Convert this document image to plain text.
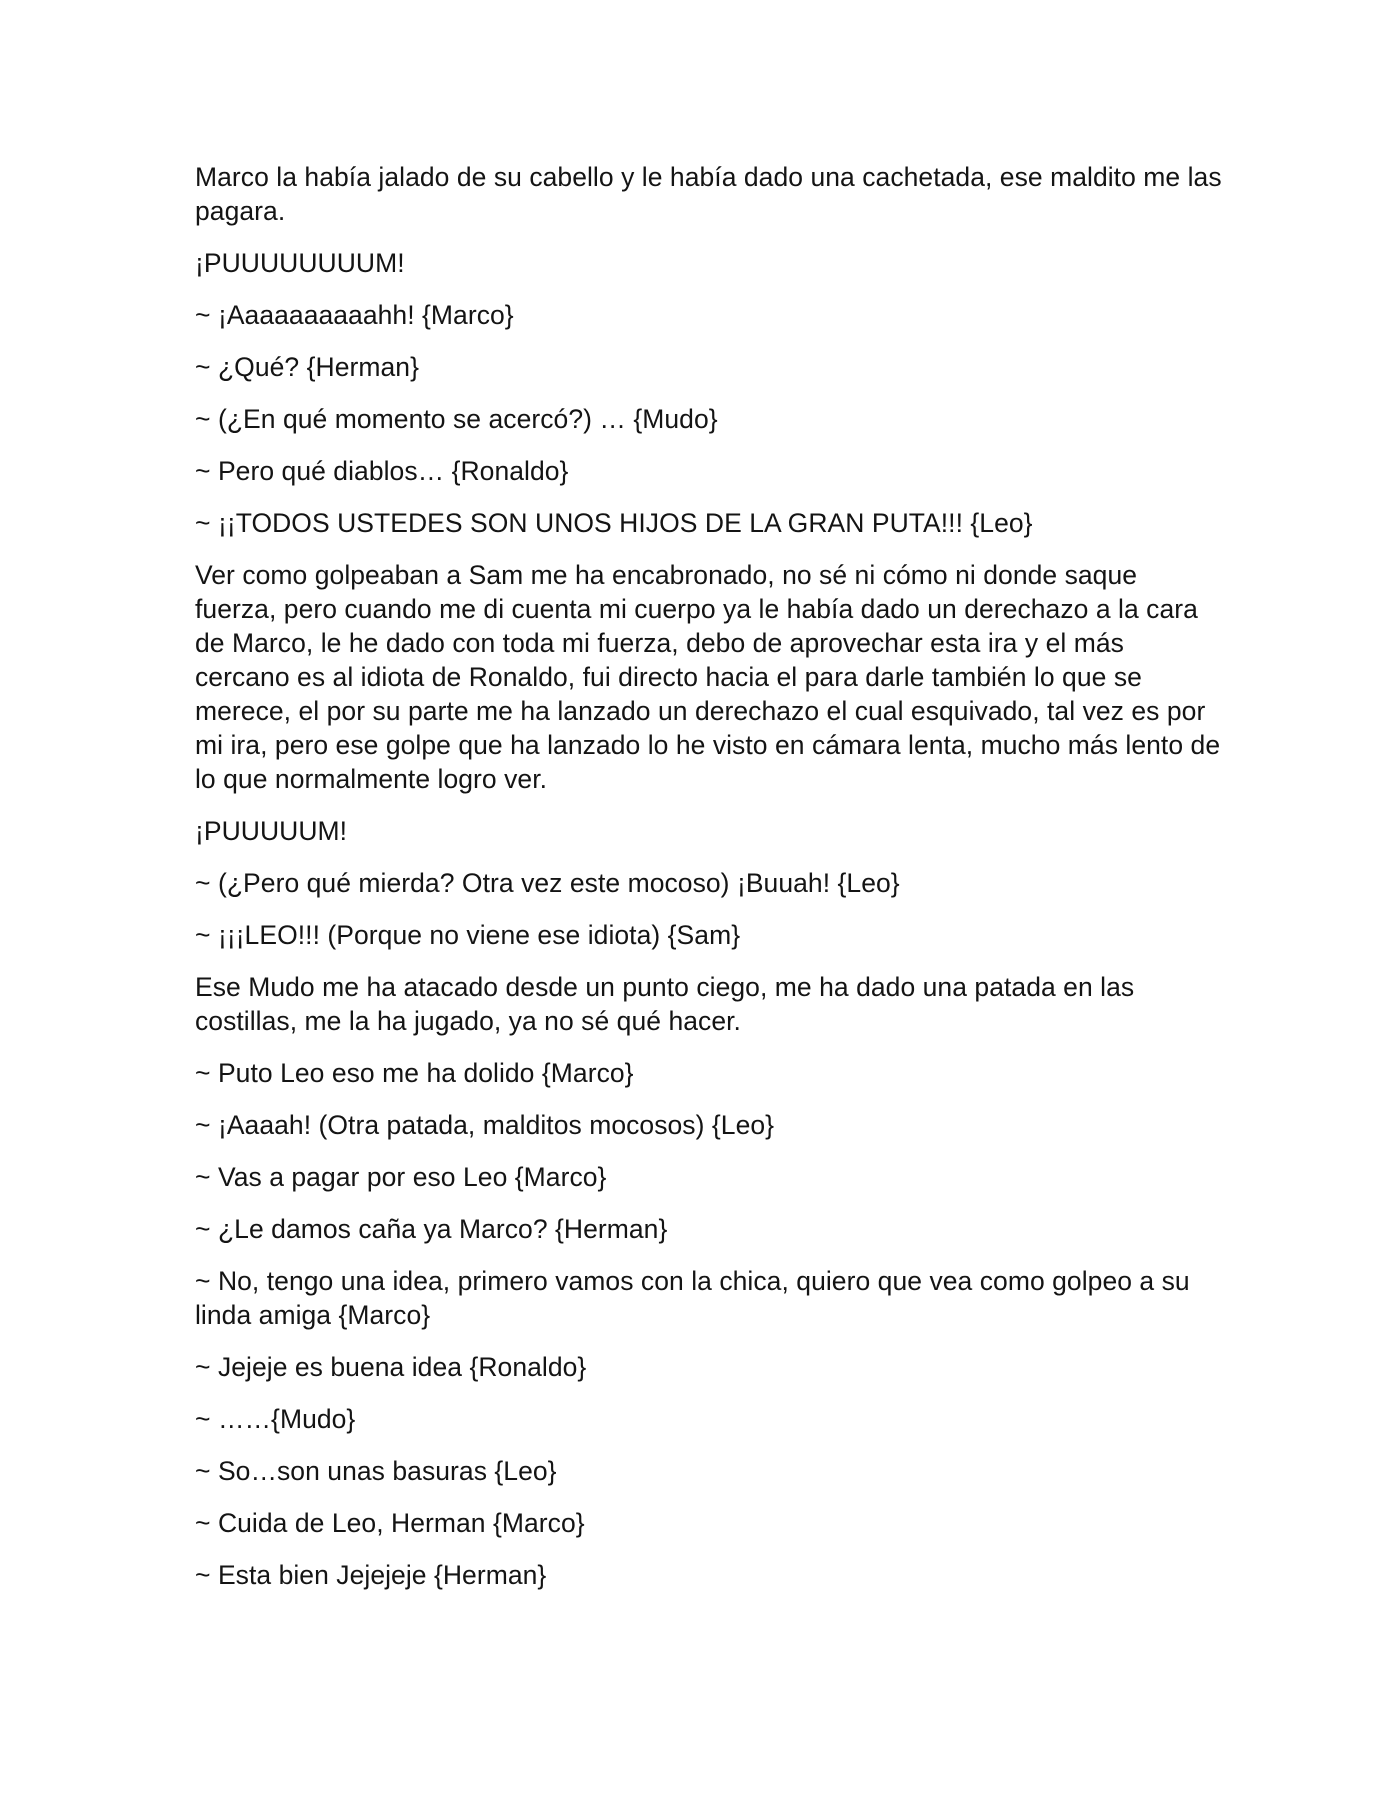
Marco la había jalado de su cabello y le había dado una cachetada, ese maldito me las pagara.

¡PUUUUUUUUM!

~ ¡Aaaaaaaaaahh! {Marco}

~ ¿Qué? {Herman}

~ (¿En qué momento se acercó?) … {Mudo}

~ Pero qué diablos… {Ronaldo}

~ ¡¡TODOS USTEDES SON UNOS HIJOS DE LA GRAN PUTA!!! {Leo}

Ver como golpeaban a Sam me ha encabronado, no sé ni cómo ni donde saque fuerza, pero cuando me di cuenta mi cuerpo ya le había dado un derechazo a la cara de Marco, le he dado con toda mi fuerza, debo de aprovechar esta ira y el más cercano es al idiota de Ronaldo, fui directo hacia el para darle también lo que se merece, el por su parte me ha lanzado un derechazo el cual esquivado, tal vez es por mi ira, pero ese golpe que ha lanzado lo he visto en cámara lenta, mucho más lento de lo que normalmente logro ver.

¡PUUUUUM!

~ (¿Pero qué mierda? Otra vez este mocoso) ¡Buuah! {Leo}

~ ¡¡¡LEO!!! (Porque no viene ese idiota) {Sam}

Ese Mudo me ha atacado desde un punto ciego, me ha dado una patada en las costillas, me la ha jugado, ya no sé qué hacer.

~ Puto Leo eso me ha dolido {Marco}

~ ¡Aaaah! (Otra patada, malditos mocosos) {Leo}

~ Vas a pagar por eso Leo {Marco}

~ ¿Le damos caña ya Marco? {Herman}

~ No, tengo una idea, primero vamos con la chica, quiero que vea como golpeo a su linda amiga {Marco}

~ Jejeje es buena idea {Ronaldo}

~ ……{Mudo}

~ So…son unas basuras {Leo}

~ Cuida de Leo, Herman {Marco}

~ Esta bien Jejejeje {Herman}
